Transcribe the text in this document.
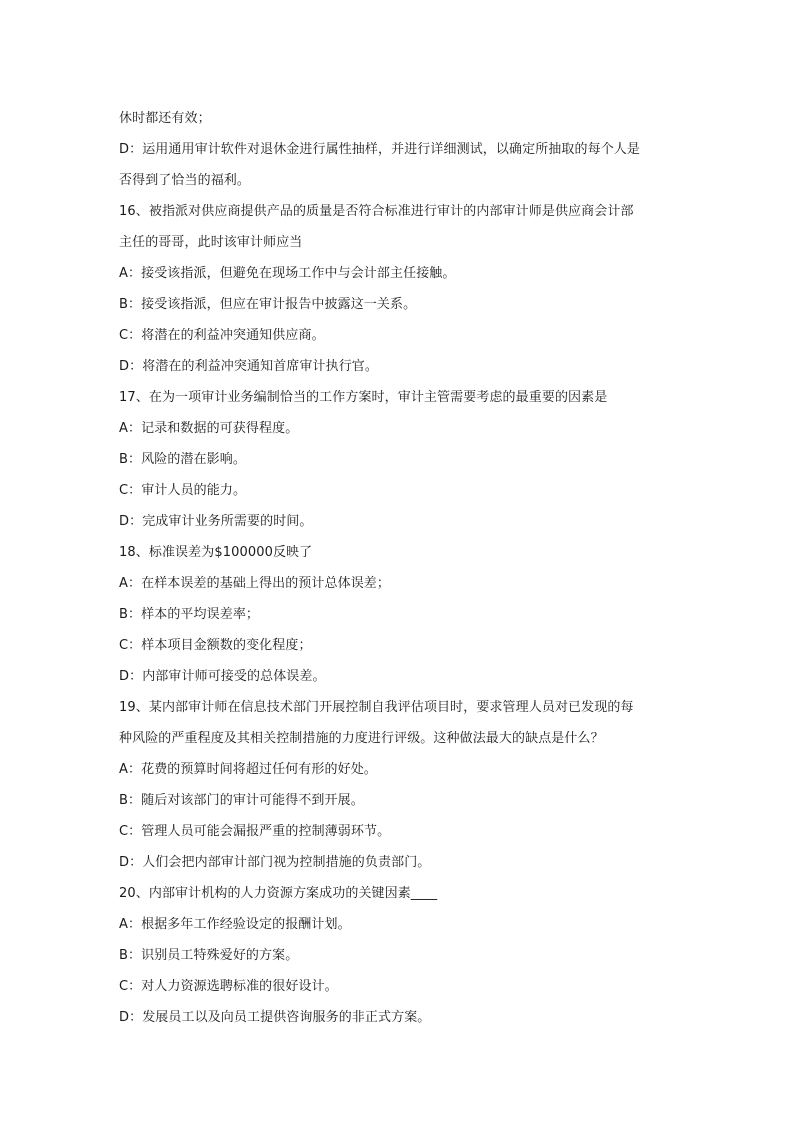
休时都还有效；
D：运用通用审计软件对退休金进行属性抽样，并进行详细测试，以确定所抽取的每个人是
否得到了恰当的福利。
16、被指派对供应商提供产品的质量是否符合标准进行审计的内部审计师是供应商会计部
主任的哥哥，此时该审计师应当
A：接受该指派，但避免在现场工作中与会计部主任接触。
B：接受该指派，但应在审计报告中披露这一关系。
C：将潜在的利益冲突通知供应商。
D：将潜在的利益冲突通知首席审计执行官。
17、在为一项审计业务编制恰当的工作方案时，审计主管需要考虑的最重要的因素是
A：记录和数据的可获得程度。
B：风险的潜在影响。
C：审计人员的能力。
D：完成审计业务所需要的时间。
18、标准误差为$100000反映了
A：在样本误差的基础上得出的预计总体误差；
B：样本的平均误差率；
C：样本项目金额数的变化程度；
D：内部审计师可接受的总体误差。
19、某内部审计师在信息技术部门开展控制自我评估项目时，要求管理人员对已发现的每
种风险的严重程度及其相关控制措施的力度进行评级。这种做法最大的缺点是什么？
A：花费的预算时间将超过任何有形的好处。
B：随后对该部门的审计可能得不到开展。
C：管理人员可能会漏报严重的控制薄弱环节。
D：人们会把内部审计部门视为控制措施的负责部门。
20、内部审计机构的人力资源方案成功的关键因素____
A：根据多年工作经验设定的报酬计划。
B：识别员工特殊爱好的方案。
C：对人力资源选聘标准的很好设计。
D：发展员工以及向员工提供咨询服务的非正式方案。
